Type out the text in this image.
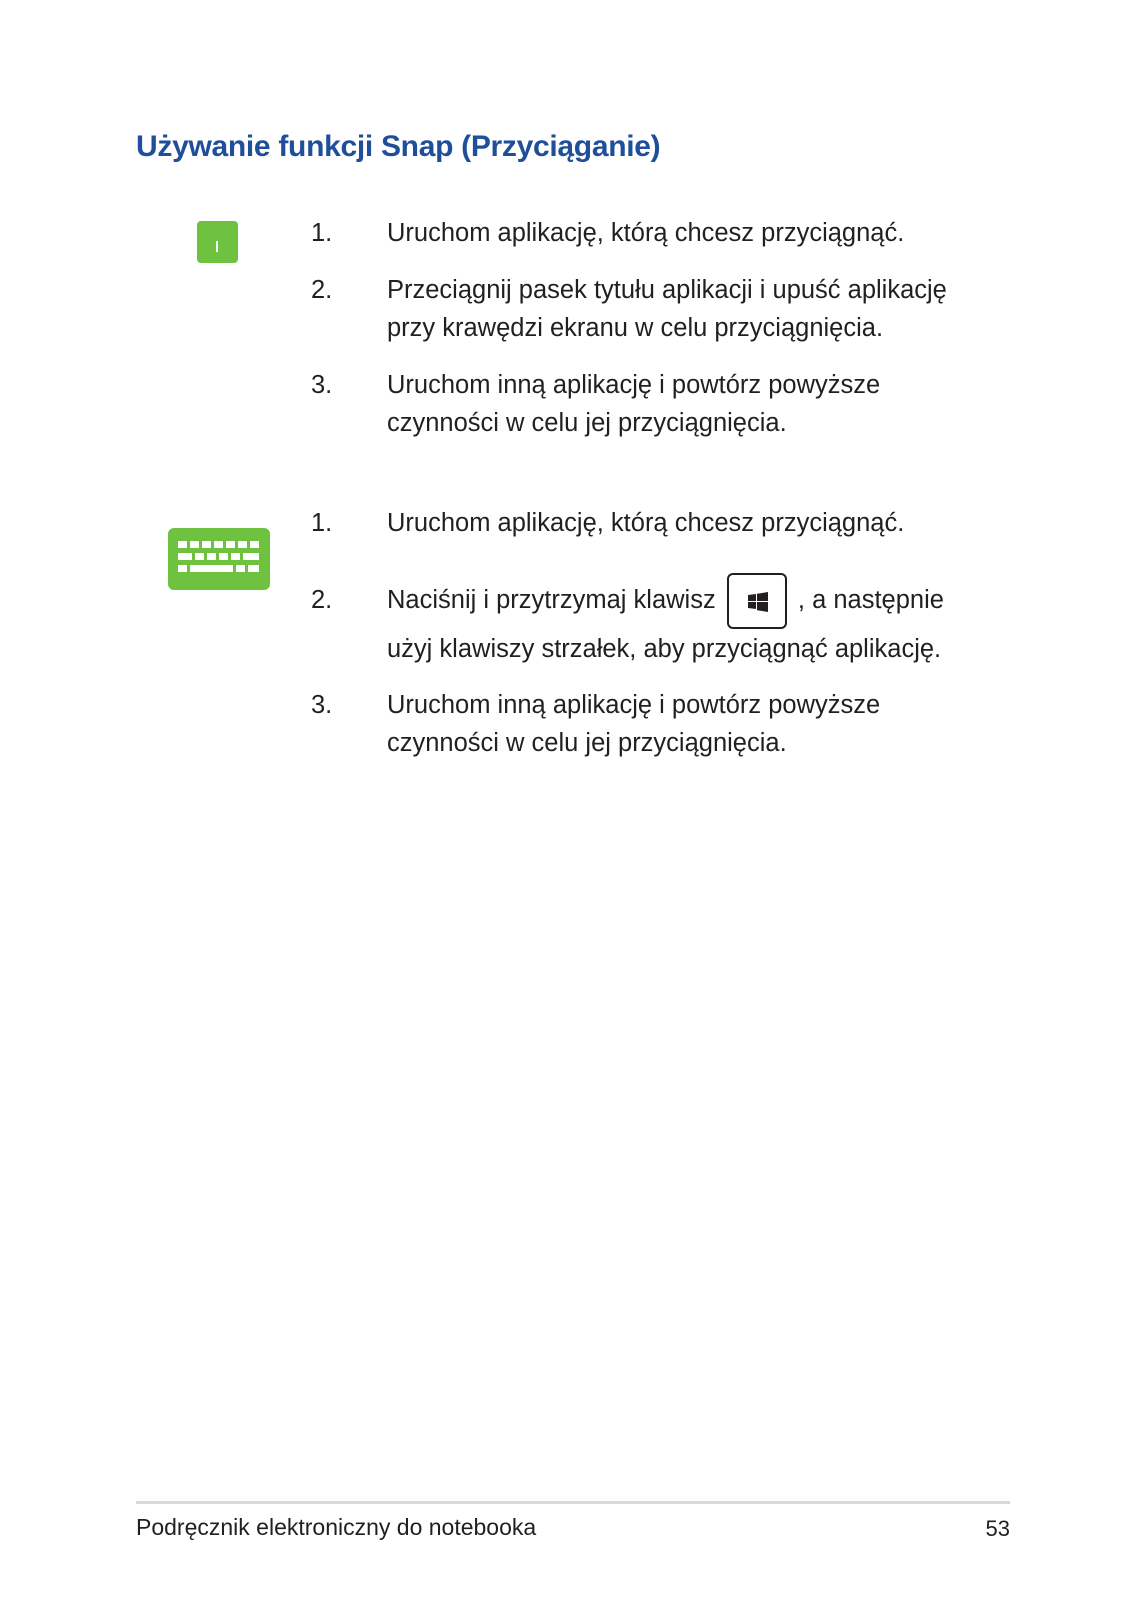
Używanie funkcji Snap (Przyciąganie)
1. Uruchom aplikację, którą chcesz przyciągnąć.
2. Przeciągnij pasek tytułu aplikacji i upuść aplikację
przy krawędzi ekranu w celu przyciągnięcia.
3. Uruchom inną aplikację i powtórz powyższe
czynności w celu jej przyciągnięcia.
1. Uruchom aplikację, którą chcesz przyciągnąć.
2. Naciśnij i przytrzymaj klawisz	, a następnie
użyj klawiszy strzałek, aby przyciągnąć aplikację.
3. Uruchom inną aplikację i powtórz powyższe
czynności w celu jej przyciągnięcia.
Podręcznik elektroniczny do notebooka	53
